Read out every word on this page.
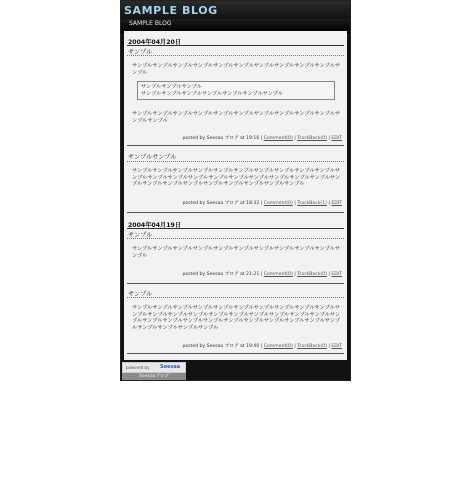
SAMPLE BLOG
SAMPLE BLOG
2004年04月20日
サンプル
サンプルサンプルサンプルサンプルサンプルサンプルサンプルサンプルサンプルサンプルサンプル
サンプルサンプルサンプル
サンプルサンプルサンプルサンプルサンプルサンプルサンプル
サンプルサンプルサンプルサンプルサンプルサンプルサンプルサンプルサンプルサンプルサンプルサンプル
posted by Seesaa ブログ at 19:16 | Comment(0) | TrackBack(0) | EDIT
サンプルサンプル
サンプルサンプルサンプルサンプルサンプルサンプルサンプルサンプルサンプルサンプルサンプルサンプルサンプルサンプルサンプルサンプルサンプルサンプルサンプルサンプルサンプルサンプルサンプルサンプルサンプルサンプルサンプルサンプルサンプル
posted by Seesaa ブログ at 18:32 | Comment(0) | TrackBack(1) | EDIT
2004年04月19日
サンプル
サンプルサンプルサンプルサンプルサンプルサンプルサンプルサンプルサンプルサンプルサンプル
posted by Seesaa ブログ at 21:21 | Comment(0) | TrackBack(0) | EDIT
サンプル
サンプルサンプルサンプルサンプルサンプルサンプルサンプルサンプルサンプルサンプルサンプルサンプルサンプルサンプルサンプルサンプルサンプルサンプルサンプルサンプルサンプルサンプルサンプルサンプルサンプルサンプルサンプルサンプルサンプルサンプルサンプルサンプルサンプルサンプルサンプル
posted by Seesaa ブログ at 19:40 | Comment(0) | TrackBack(0) | EDIT
powered by Seesaa
Seesaaブログ
